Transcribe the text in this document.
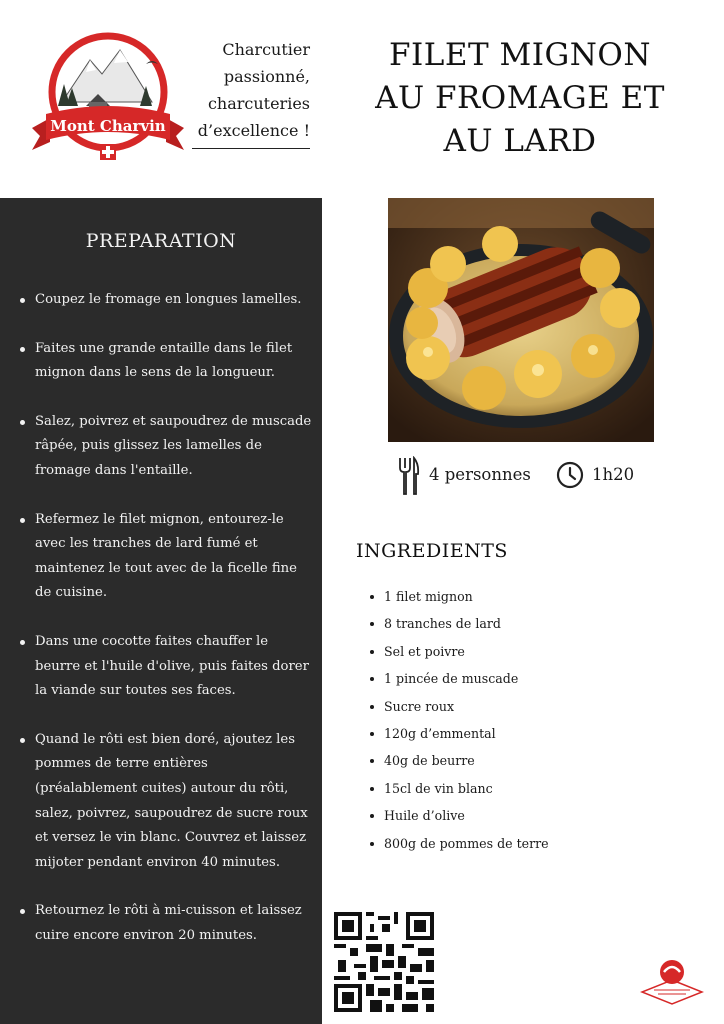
Mont Charvin
Charcutier passionné, charcuteries d’excellence !
FILET MIGNON AU FROMAGE ET AU LARD
PREPARATION
Coupez le fromage en longues lamelles.
Faites une grande entaille dans le filet mignon dans le sens de la longueur.
Salez, poivrez et saupoudrez de muscade râpée, puis glissez les lamelles de fromage dans l'entaille.
Refermez le filet mignon, entourez-le avec les tranches de lard fumé et maintenez le tout avec de la ficelle fine de cuisine.
Dans une cocotte faites chauffer le beurre et l'huile d'olive, puis faites dorer la viande sur toutes ses faces.
Quand le rôti est bien doré, ajoutez les pommes de terre entières (préalablement cuites) autour du rôti, salez, poivrez, saupoudrez de sucre roux et versez le vin blanc. Couvrez et laissez mijoter pendant environ 40 minutes.
Retournez le rôti à mi-cuisson et laissez cuire encore environ 20 minutes.
4 personnes	1h20
INGREDIENTS
1 filet mignon
8 tranches de lard
Sel et poivre
1 pincée de muscade
Sucre roux
120g d’emmental
40g de beurre
15cl de vin blanc
Huile d’olive
800g de pommes de terre
